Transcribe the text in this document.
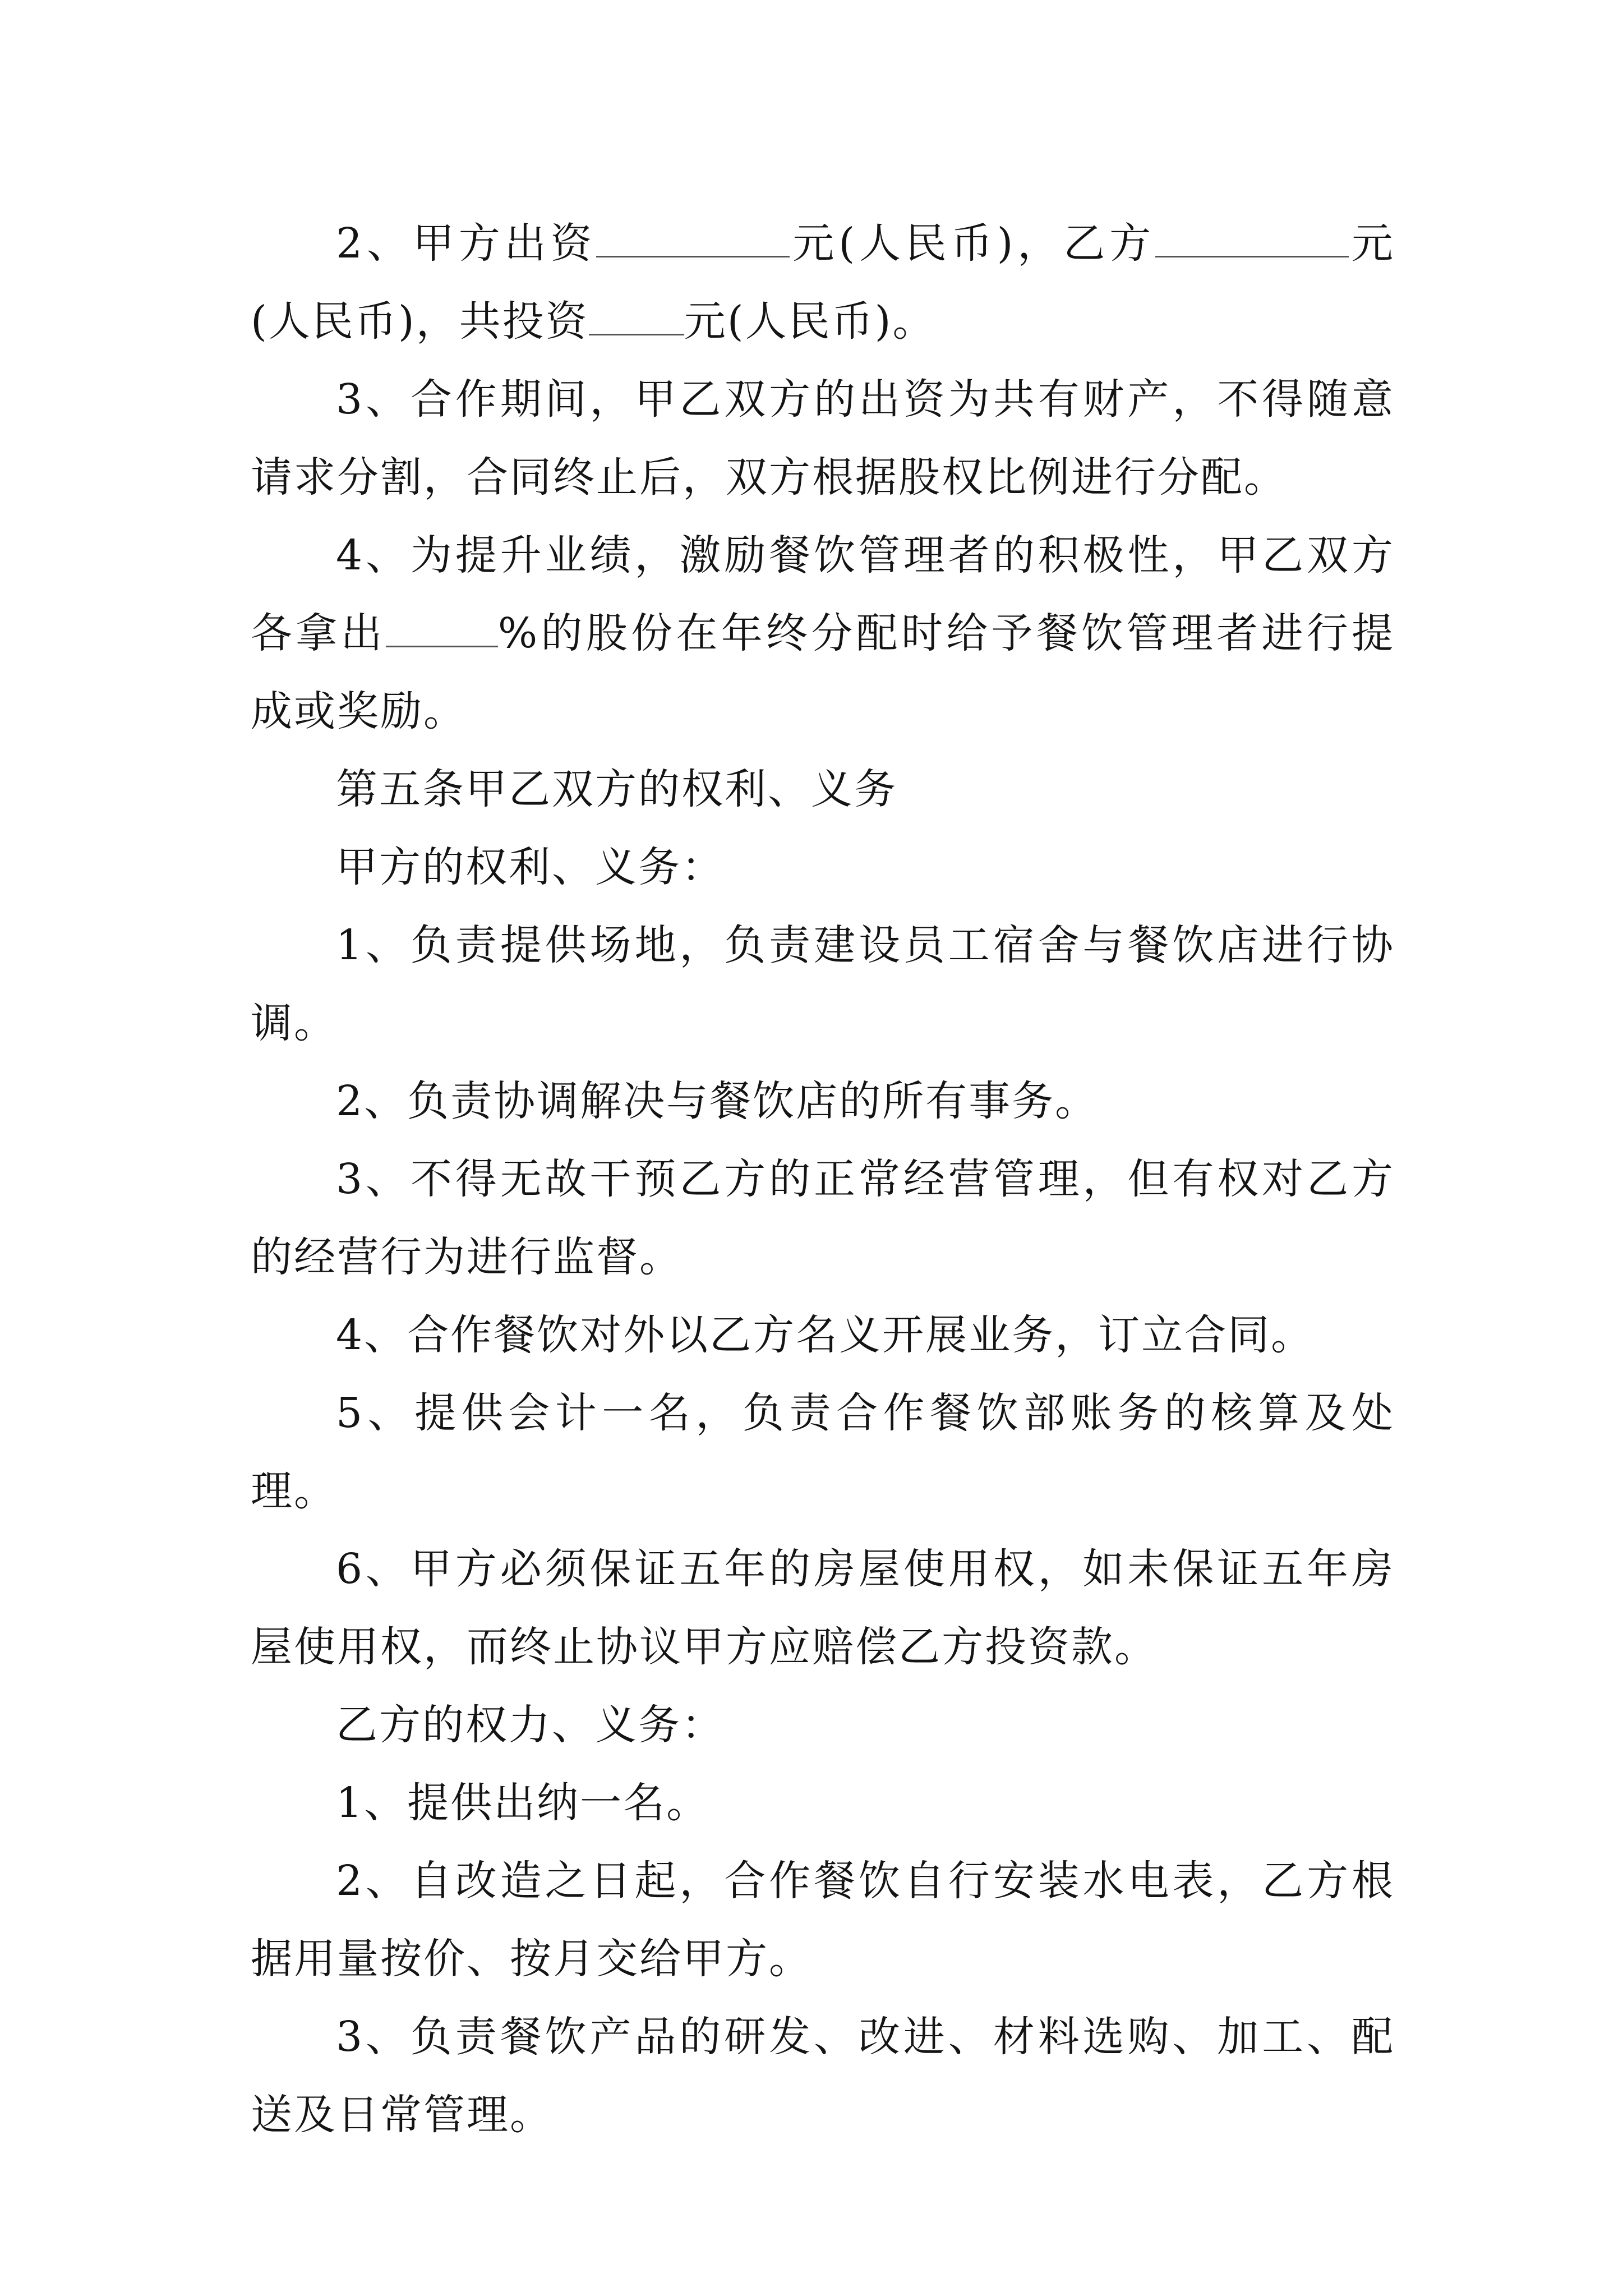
2、甲方出资	元(人民币)，乙方	元(人民币)，共投资 元(人民币)。

3、合作期间，甲乙双方的出资为共有财产，不得随意请求分割，合同终止后，双方根据股权比例进行分配。

4、为提升业绩，激励餐饮管理者的积极性，甲乙双方各拿出	%的股份在年终分配时给予餐饮管理者进行提成或奖励。

第五条甲乙双方的权利、义务

甲方的权利、义务：

1、负责提供场地，负责建设员工宿舍与餐饮店进行协调。

2、负责协调解决与餐饮店的所有事务。

3、不得无故干预乙方的正常经营管理，但有权对乙方的经营行为进行监督。

4、合作餐饮对外以乙方名义开展业务，订立合同。

5、提供会计一名，负责合作餐饮部账务的核算及处理。

6、甲方必须保证五年的房屋使用权，如未保证五年房屋使用权，而终止协议甲方应赔偿乙方投资款。

乙方的权力、义务：

1、提供出纳一名。

2、自改造之日起，合作餐饮自行安装水电表，乙方根据用量按价、按月交给甲方。

3、负责餐饮产品的研发、改进、材料选购、加工、配送及日常管理。
